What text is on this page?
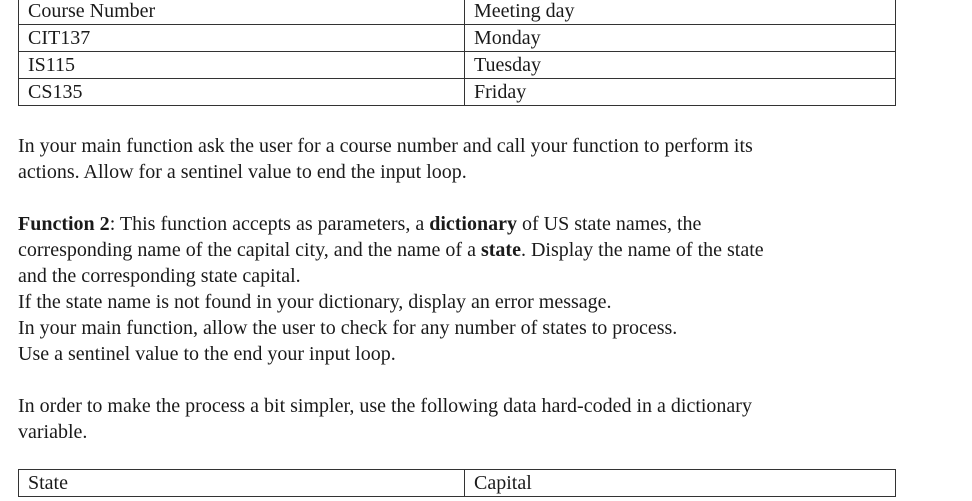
Course Number	Meeting day
CIT137	Monday
IS115	Tuesday
CS135	Friday

In your main function ask the user for a course number and call your function to perform its
actions. Allow for a sentinel value to end the input loop.

Function 2: This function accepts as parameters, a dictionary of US state names, the
corresponding name of the capital city, and the name of a state. Display the name of the state
and the corresponding state capital.
If the state name is not found in your dictionary, display an error message.
In your main function, allow the user to check for any number of states to process.
Use a sentinel value to the end your input loop.

In order to make the process a bit simpler, use the following data hard-coded in a dictionary
variable.

State	Capital
